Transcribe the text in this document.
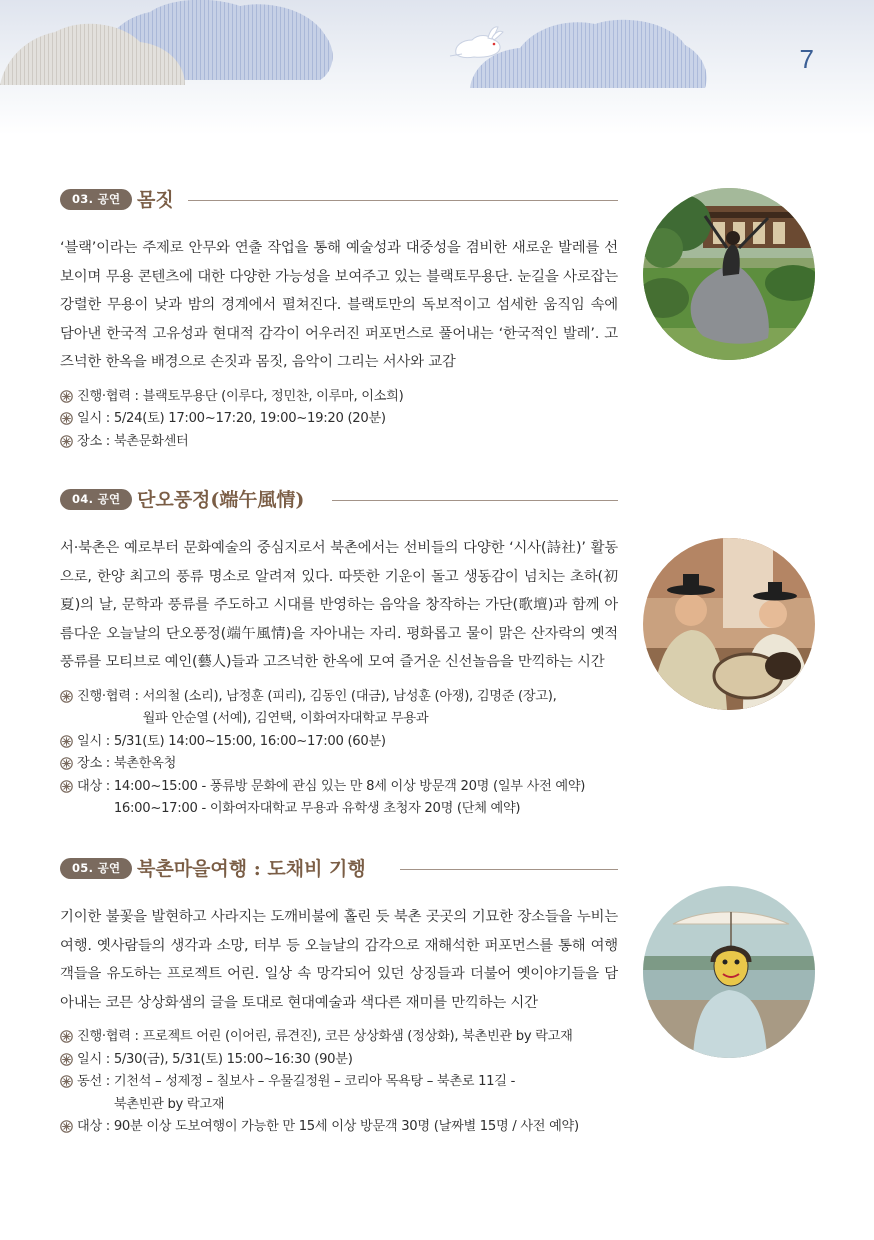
7
03. 공연 몸짓
‘블랙’이라는 주제로 안무와 연출 작업을 통해 예술성과 대중성을 겸비한 새로운 발레를 선보이며 무용 콘텐츠에 대한 다양한 가능성을 보여주고 있는 블랙토무용단. 눈길을 사로잡는 강렬한 무용이 낮과 밤의 경계에서 펼쳐진다. 블랙토만의 독보적이고 섬세한 움직임 속에 담아낸 한국적 고유성과 현대적 감각이 어우러진 퍼포먼스로 풀어내는 ‘한국적인 발레’. 고즈넉한 한옥을 배경으로 손짓과 몸짓, 음악이 그리는 서사와 교감
진행·협력 : 블랙토무용단 (이루다, 정민찬, 이루마, 이소희)
일시 : 5/24(토) 17:00~17:20, 19:00~19:20 (20분)
장소 : 북촌문화센터
04. 공연 단오풍정(端午風情)
서·북촌은 예로부터 문화예술의 중심지로서 북촌에서는 선비들의 다양한 ‘시사(詩社)’ 활동으로, 한양 최고의 풍류 명소로 알려져 있다. 따뜻한 기운이 돌고 생동감이 넘치는 초하(初夏)의 날, 문학과 풍류를 주도하고 시대를 반영하는 음악을 창작하는 가단(歌壇)과 함께 아름다운 오늘날의 단오풍정(端午風情)을 자아내는 자리. 평화롭고 물이 맑은 산자락의 옛적 풍류를 모티브로 예인(藝人)들과 고즈넉한 한옥에 모여 즐거운 신선놀음을 만끽하는 시간
진행·협력 : 서의철 (소리), 남정훈 (피리), 김동인 (대금), 남성훈 (아쟁), 김명준 (장고),
월파 안순열 (서예), 김연택, 이화여자대학교 무용과
일시 : 5/31(토) 14:00~15:00, 16:00~17:00 (60분)
장소 : 북촌한옥청
대상 : 14:00~15:00 - 풍류방 문화에 관심 있는 만 8세 이상 방문객 20명 (일부 사전 예약)
16:00~17:00 - 이화여자대학교 무용과 유학생 초청자 20명 (단체 예약)
05. 공연 북촌마을여행 : 도채비 기행
기이한 불꽃을 발현하고 사라지는 도깨비불에 홀린 듯 북촌 곳곳의 기묘한 장소들을 누비는 여행. 옛사람들의 생각과 소망, 터부 등 오늘날의 감각으로 재해석한 퍼포먼스를 통해 여행객들을 유도하는 프로젝트 어린. 일상 속 망각되어 있던 상징들과 더불어 옛이야기들을 담아내는 코믄 상상화샘의 글을 토대로 현대예술과 색다른 재미를 만끽하는 시간
진행·협력 : 프로젝트 어린 (이어린, 류견진), 코믄 상상화샘 (정상화), 북촌빈관 by 락고재
일시 : 5/30(금), 5/31(토) 15:00~16:30 (90분)
동선 : 기천석 – 성제정 – 칠보사 – 우물길정원 – 코리아 목욕탕 – 북촌로 11길 -
북촌빈관 by 락고재
대상 : 90분 이상 도보여행이 가능한 만 15세 이상 방문객 30명 (날짜별 15명 / 사전 예약)
